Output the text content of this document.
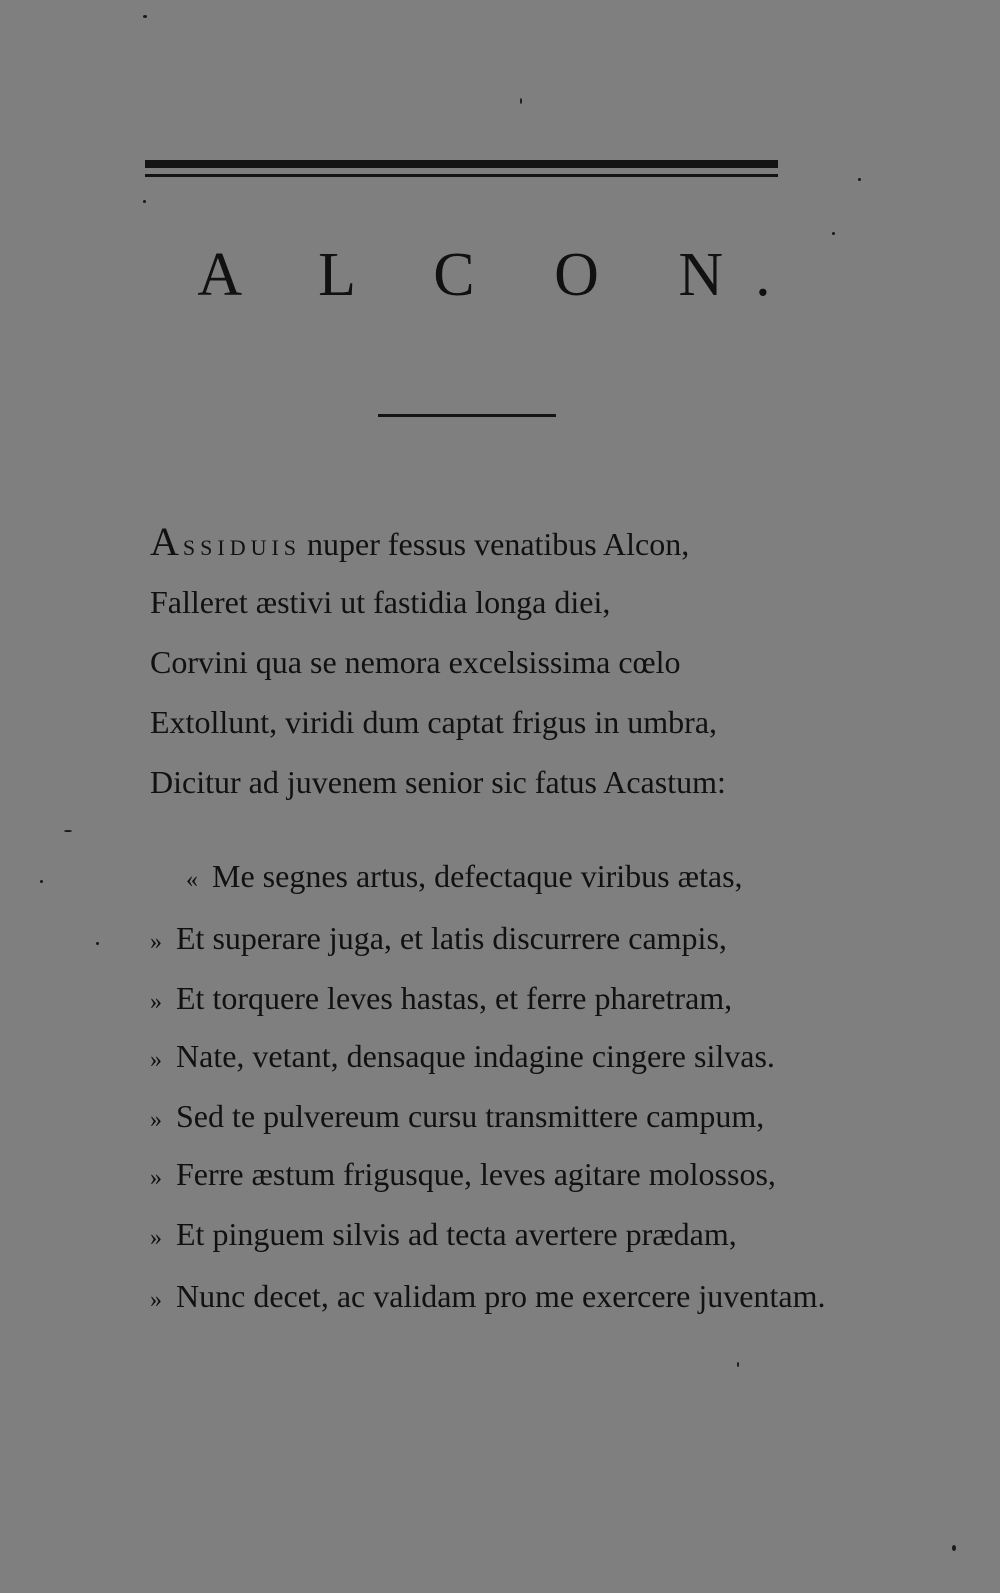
A L C O N.
ASSIDUIS nuper fessus venatibus Alcon,
Falleret æstivi ut fastidia longa diei,
Corvini qua se nemora excelsissima cœlo
Extollunt, viridi dum captat frigus in umbra,
Dicitur ad juvenem senior sic fatus Acastum:
« Me segnes artus, defectaque viribus ætas,
» Et superare juga, et latis discurrere campis,
» Et torquere leves hastas, et ferre pharetram,
» Nate, vetant, densaque indagine cingere silvas.
» Sed te pulvereum cursu transmittere campum,
» Ferre æstum frigusque, leves agitare molossos,
» Et pinguem silvis ad tecta avertere prædam,
» Nunc decet, ac validam pro me exercere juventam.
